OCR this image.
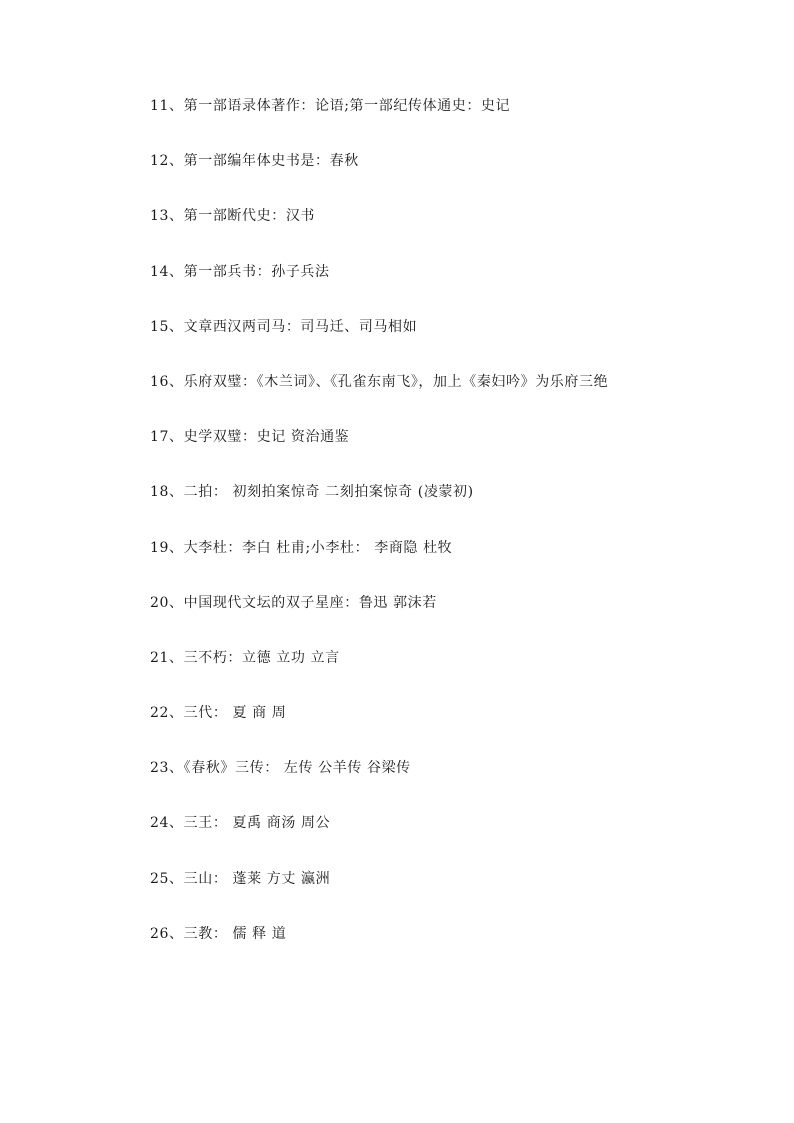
11、第一部语录体著作：论语;第一部纪传体通史：史记
12、第一部编年体史书是：春秋
13、第一部断代史：汉书
14、第一部兵书：孙子兵法
15、文章西汉两司马：司马迁、司马相如
16、乐府双璧：《木兰词》、《孔雀东南飞》，加上《秦妇吟》为乐府三绝
17、史学双璧：史记 资治通鉴
18、二拍： 初刻拍案惊奇 二刻拍案惊奇 (凌蒙初)
19、大李杜：李白 杜甫;小李杜： 李商隐 杜牧
20、中国现代文坛的双子星座：鲁迅 郭沫若
21、三不朽：立德 立功 立言
22、三代： 夏 商 周
23、《春秋》三传： 左传 公羊传 谷梁传
24、三王： 夏禹 商汤 周公
25、三山： 蓬莱 方丈 瀛洲
26、三教： 儒 释 道
